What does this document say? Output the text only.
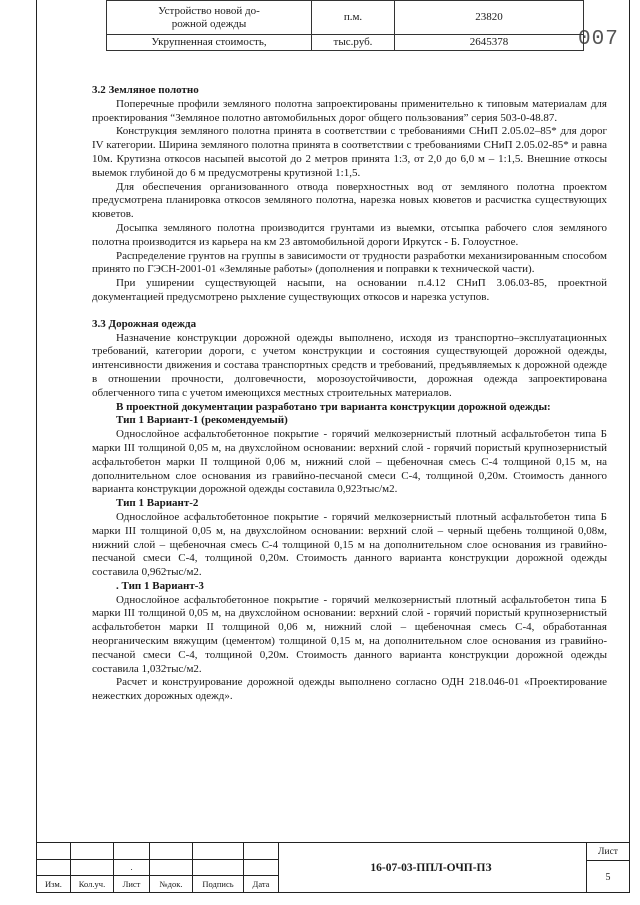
007
Устройство новой до-
рожной одежды	п.м.	23820
Укрупненная стоимость,	тыс.руб.	2645378
3.2 Земляное полотно

Поперечные профили земляного полотна запроектированы применительно к типовым материалам для проектирования “Земляное полотно автомобильных дорог общего пользования” серия 503-0-48.87.

Конструкция земляного полотна принята в соответствии с требованиями СНиП 2.05.02–85* для дорог IV категории. Ширина земляного полотна принята в соответствии с требованиями СНиП 2.05.02-85* и равна 10м. Крутизна откосов насыпей высотой до 2 метров принята 1:3, от 2,0 до 6,0 м – 1:1,5. Внешние откосы выемок глубиной до 6 м предусмотрены крутизной 1:1,5.

Для обеспечения организованного отвода поверхностных вод от земляного полотна проектом предусмотрена планировка откосов земляного полотна, нарезка новых кюветов и расчистка существующих кюветов.

Досыпка земляного полотна производится грунтами из выемки, отсыпка рабочего слоя земляного полотна производится из карьера на км 23 автомобильной дороги Иркутск - Б. Голоустное.

Распределение грунтов на группы в зависимости от трудности разработки механизированным способом принято по ГЭСН-2001-01 «Земляные работы» (дополнения и поправки к технической части).

При уширении существующей насыпи, на основании п.4.12 СНиП 3.06.03-85, проектной документацией предусмотрено рыхление существующих откосов и нарезка уступов.

3.3 Дорожная одежда

Назначение конструкции дорожной одежды выполнено, исходя из транспортно–эксплуатационных требований, категории дороги, с учетом конструкции и состояния существующей дорожной одежды, интенсивности движения и состава транспортных средств и требований, предъявляемых к дорожной одежде в отношении прочности, долговечности, морозоустойчивости, дорожная одежда запроектирована облегченного типа с учетом имеющихся местных строительных материалов.

В проектной документации разработано три варианта конструкции дорожной одежды:

Тип 1 Вариант-1 (рекомендуемый)

Однослойное асфальтобетонное покрытие - горячий мелкозернистый плотный асфальтобетон типа Б марки III толщиной 0,05 м, на двухслойном основании: верхний слой - горячий пористый крупнозернистый асфальтобетон марки II толщиной 0,06 м, нижний слой – щебеночная смесь С-4 толщиной 0,15 м, на дополнительном слое основания из гравийно-песчаной смеси С-4, толщиной 0,20м. Стоимость данного варианта конструкции дорожной одежды составила 0,923тыс/м2.

Тип 1 Вариант-2

Однослойное асфальтобетонное покрытие - горячий мелкозернистый плотный асфальтобетон типа Б марки III толщиной 0,05 м, на двухслойном основании: верхний слой – черный щебень толщиной 0,08м, нижний слой – щебеночная смесь С-4 толщиной 0,15 м на дополнительном слое основания из гравийно-песчаной смеси С-4, толщиной 0,20м. Стоимость данного варианта конструкции дорожной одежды составила 0,962тыс/м2.

. Тип 1 Вариант-3

Однослойное асфальтобетонное покрытие - горячий мелкозернистый плотный асфальтобетон типа Б марки III толщиной 0,05 м, на двухслойном основании: верхний слой - горячий пористый крупнозернистый асфальтобетон марки II толщиной 0,06 м, нижний слой – щебеночная смесь С-4, обработанная неорганическим вяжущим (цементом) толщиной 0,15 м, на дополнительном слое основания из гравийно-песчаной смеси С-4, толщиной 0,20м. Стоимость данного варианта конструкции дорожной одежды составила 1,032тыс/м2.

Расчет и конструирование дорожной одежды выполнено согласно ОДН 218.046-01 «Проектирование нежестких дорожных одежд».

		.			
Изм.	Кол.уч.	Лист	№док.	Подпись	Дата
16-07-03-ППЛ-ОЧП-ПЗ
Лист
5
